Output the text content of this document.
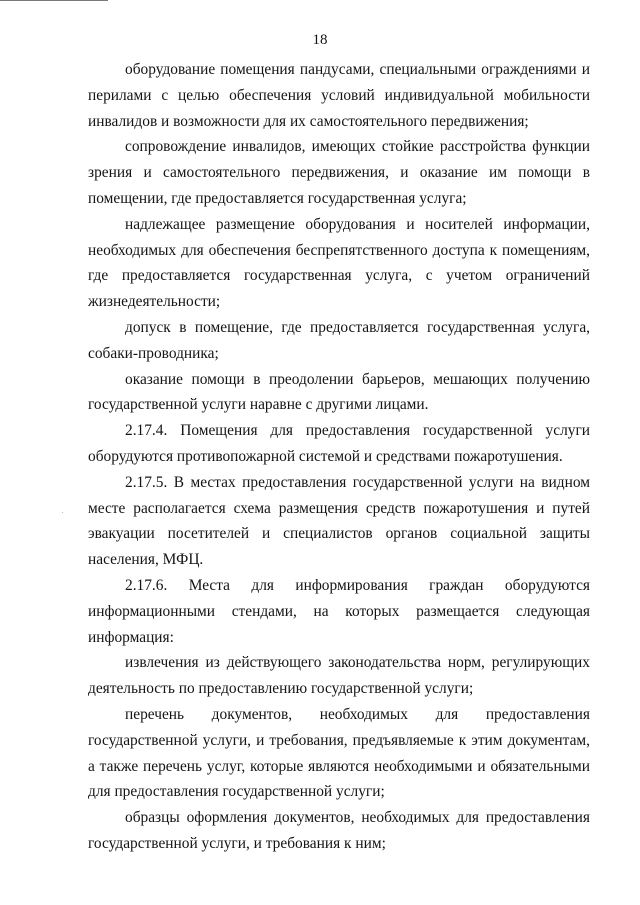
18

оборудование помещения пандусами, специальными ограждениями и перилами с целью обеспечения условий индивидуальной мобильности инвалидов и возможности для их самостоятельного передвижения;

сопровождение инвалидов, имеющих стойкие расстройства функции зрения и самостоятельного передвижения, и оказание им помощи в помещении, где предоставляется государственная услуга;

надлежащее размещение оборудования и носителей информации, необходимых для обеспечения беспрепятственного доступа к помещениям, где предоставляется государственная услуга, с учетом ограничений жизнедеятельности;

допуск в помещение, где предоставляется государственная услуга, собаки-проводника;

оказание помощи в преодолении барьеров, мешающих получению государственной услуги наравне с другими лицами.

2.17.4. Помещения для предоставления государственной услуги оборудуются противопожарной системой и средствами пожаротушения.

2.17.5. В местах предоставления государственной услуги на видном месте располагается схема размещения средств пожаротушения и путей эвакуации посетителей и специалистов органов социальной защиты населения, МФЦ.

2.17.6. Места для информирования граждан оборудуются информационными стендами, на которых размещается следующая информация:

извлечения из действующего законодательства норм, регулирующих деятельность по предоставлению государственной услуги;

перечень документов, необходимых для предоставления государственной услуги, и требования, предъявляемые к этим документам, а также перечень услуг, которые являются необходимыми и обязательными для предоставления государственной услуги;

образцы оформления документов, необходимых для предоставления государственной услуги, и требования к ним;
